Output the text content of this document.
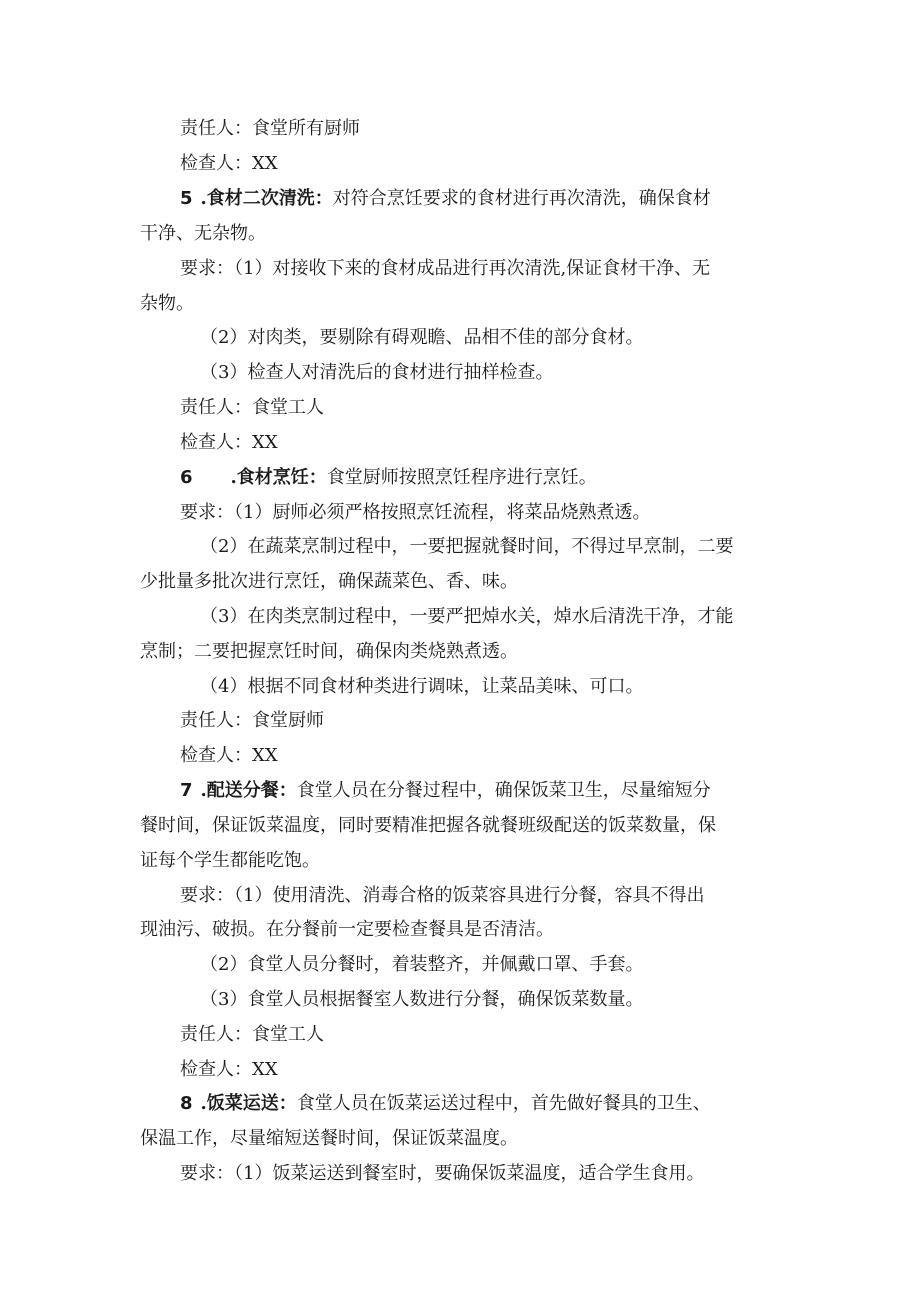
责任人：食堂所有厨师
检查人：XX
5 .食材二次清洗：对符合烹饪要求的食材进行再次清洗，确保食材
干净、无杂物。
要求：（1）对接收下来的食材成品进行再次清洗,保证食材干净、无
杂物。
（2）对肉类，要剔除有碍观瞻、品相不佳的部分食材。
（3）检查人对清洗后的食材进行抽样检查。
责任人：食堂工人
检查人：XX
6 .食材烹饪：食堂厨师按照烹饪程序进行烹饪。
要求：（1）厨师必须严格按照烹饪流程，将菜品烧熟煮透。
（2）在蔬菜烹制过程中，一要把握就餐时间，不得过早烹制，二要
少批量多批次进行烹饪，确保蔬菜色、香、味。
（3）在肉类烹制过程中，一要严把焯水关，焯水后清洗干净，才能
烹制；二要把握烹饪时间，确保肉类烧熟煮透。
（4）根据不同食材种类进行调味，让菜品美味、可口。
责任人：食堂厨师
检查人：XX
7 .配送分餐：食堂人员在分餐过程中，确保饭菜卫生，尽量缩短分
餐时间，保证饭菜温度，同时要精准把握各就餐班级配送的饭菜数量，保
证每个学生都能吃饱。
要求：（1）使用清洗、消毒合格的饭菜容具进行分餐，容具不得出
现油污、破损。在分餐前一定要检查餐具是否清洁。
（2）食堂人员分餐时，着装整齐，并佩戴口罩、手套。
（3）食堂人员根据餐室人数进行分餐，确保饭菜数量。
责任人：食堂工人
检查人：XX
8 .饭菜运送：食堂人员在饭菜运送过程中，首先做好餐具的卫生、
保温工作，尽量缩短送餐时间，保证饭菜温度。
要求：（1）饭菜运送到餐室时，要确保饭菜温度，适合学生食用。
